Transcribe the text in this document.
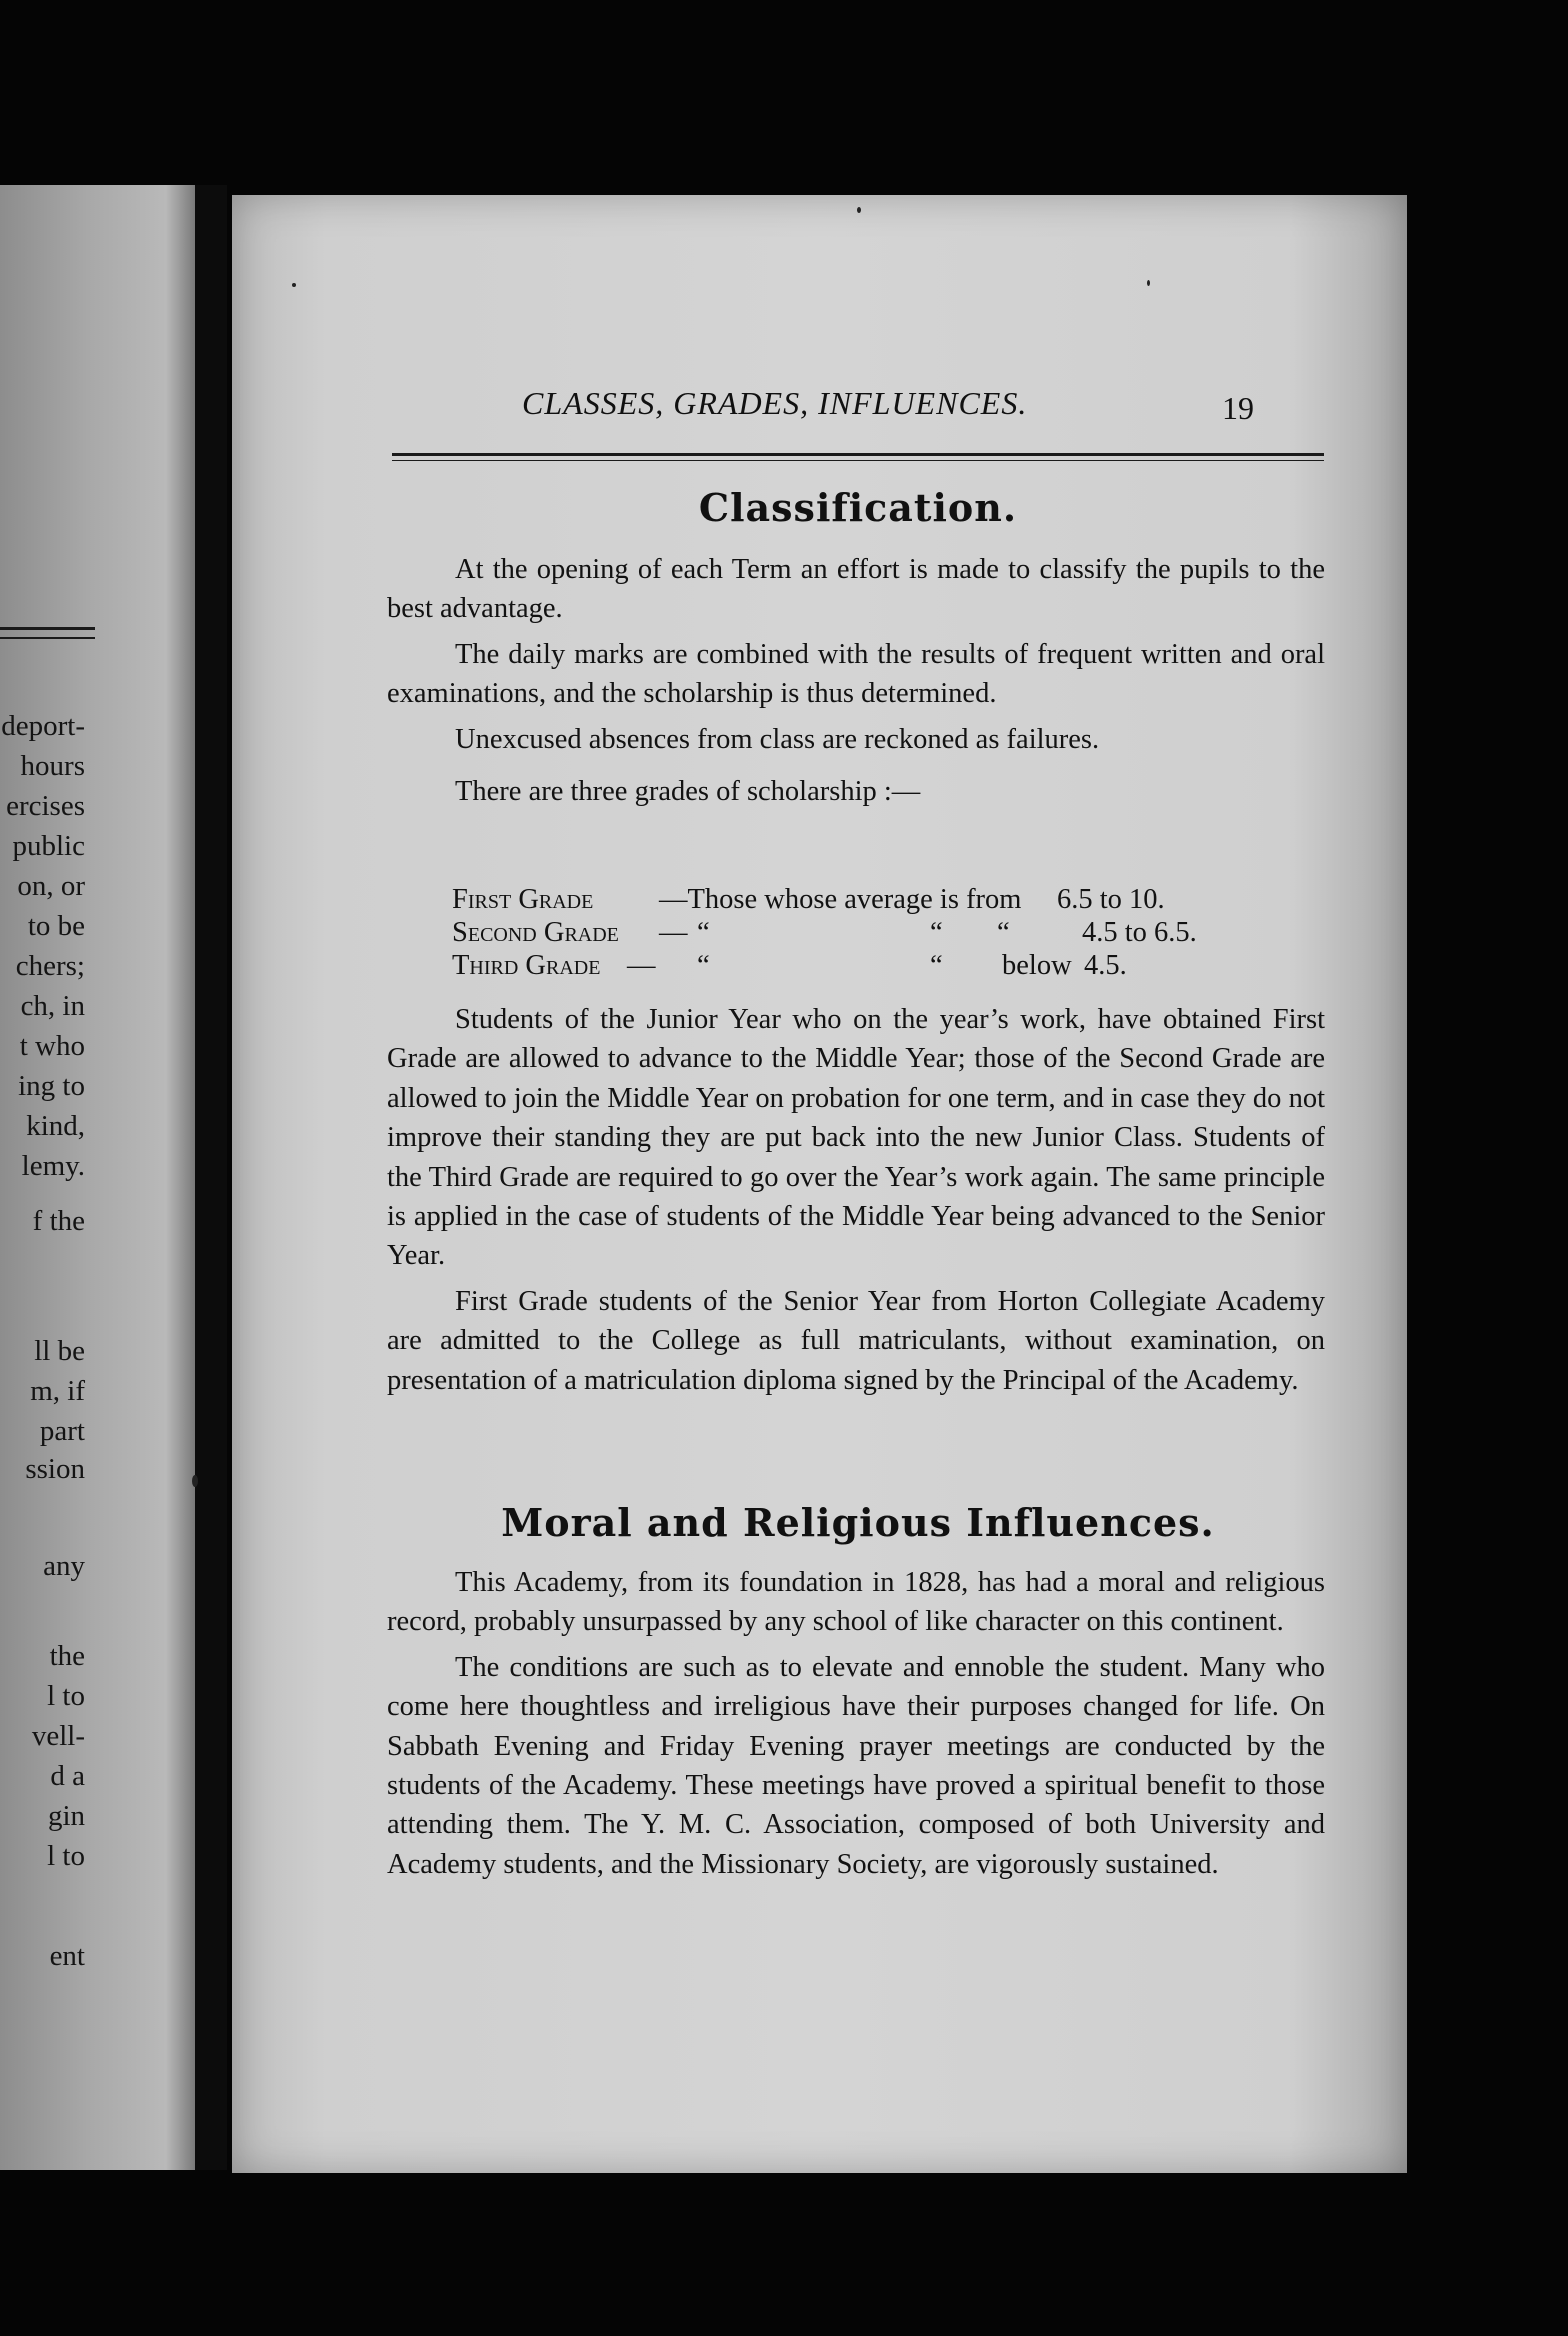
deport-
hours
ercises
public
on, or
to be
chers;
ch, in
t who
ing to
kind,
lemy.
f the
ll be
m, if
part
ssion
any
the
l to
vell-
d a
gin
l to
ent
CLASSES, GRADES, INFLUENCES.	19
Classification.

At the opening of each Term an effort is made to classify the pupils to the best advantage.

The daily marks are combined with the results of frequent written and oral examinations, and the scholarship is thus determined.

Unexcused absences from class are reckoned as failures.

There are three grades of scholarship :—

First Grade —Those whose average is from 6.5 to 10.
Second Grade — “	“ “	4.5 to 6.5.
Third Grade — “	“ below 4.5.

Students of the Junior Year who on the year’s work, have obtained First Grade are allowed to advance to the Middle Year; those of the Second Grade are allowed to join the Middle Year on probation for one term, and in case they do not improve their standing they are put back into the new Junior Class. Students of the Third Grade are required to go over the Year’s work again. The same principle is applied in the case of students of the Middle Year being advanced to the Senior Year.

First Grade students of the Senior Year from Horton Collegiate Academy are admitted to the College as full matriculants, without examination, on presentation of a matriculation diploma signed by the Principal of the Academy.

Moral and Religious Influences.

This Academy, from its foundation in 1828, has had a moral and religious record, probably unsurpassed by any school of like character on this continent.

The conditions are such as to elevate and ennoble the student. Many who come here thoughtless and irreligious have their purposes changed for life. On Sabbath Evening and Friday Evening prayer meetings are conducted by the students of the Academy. These meetings have proved a spiritual benefit to those attending them. The Y. M. C. Association, composed of both University and Academy students, and the Missionary Society, are vigorously sustained.
